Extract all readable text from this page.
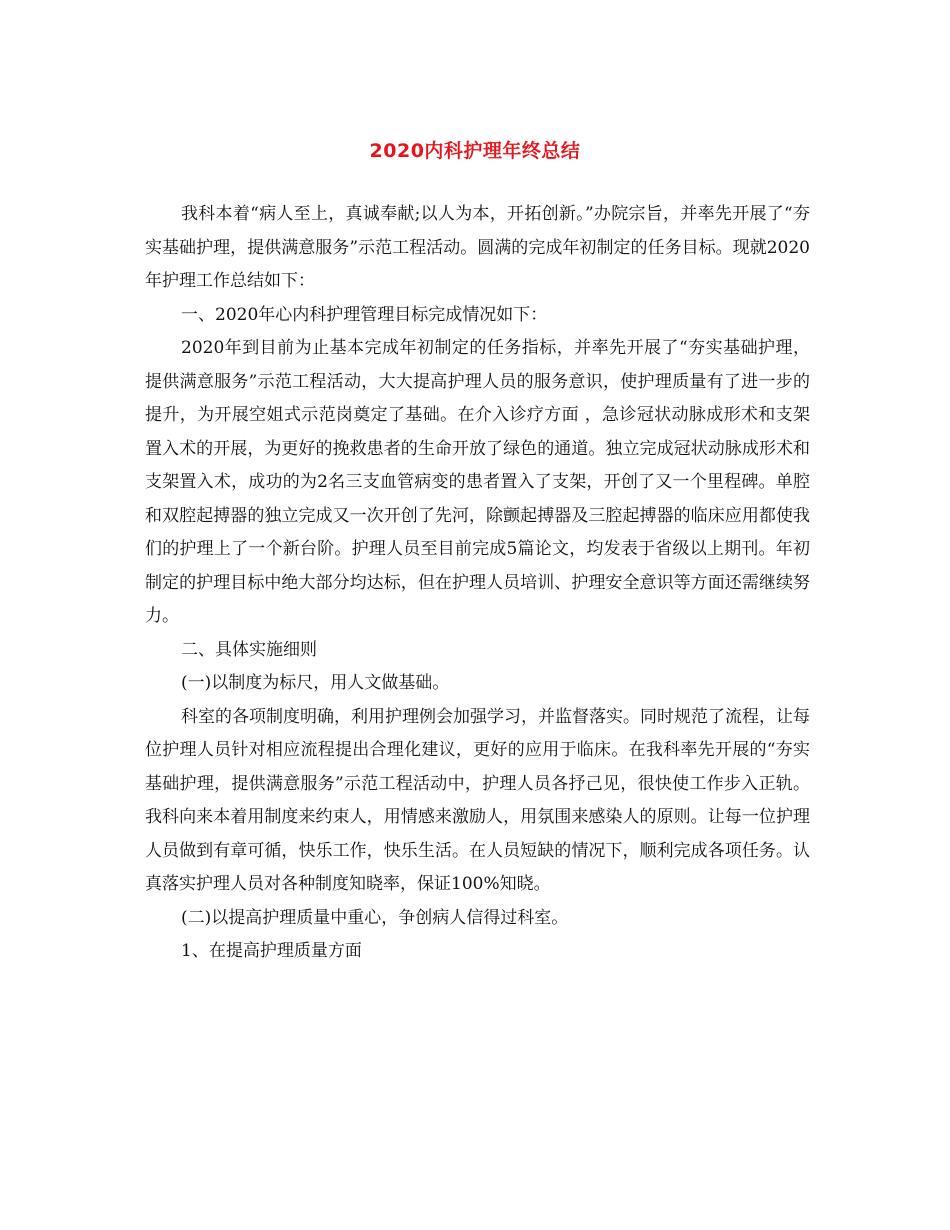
2020内科护理年终总结

我科本着“病人至上，真诚奉献;以人为本，开拓创新。”办院宗旨，并率先开展了“夯实基础护理，提供满意服务”示范工程活动。圆满的完成年初制定的任务目标。现就2020年护理工作总结如下：

一、2020年心内科护理管理目标完成情况如下：

2020年到目前为止基本完成年初制定的任务指标，并率先开展了“夯实基础护理，提供满意服务”示范工程活动，大大提高护理人员的服务意识，使护理质量有了进一步的提升，为开展空姐式示范岗奠定了基础。在介入诊疗方面 ，急诊冠状动脉成形术和支架置入术的开展，为更好的挽救患者的生命开放了绿色的通道。独立完成冠状动脉成形术和支架置入术，成功的为2名三支血管病变的患者置入了支架，开创了又一个里程碑。单腔和双腔起搏器的独立完成又一次开创了先河，除颤起搏器及三腔起搏器的临床应用都使我们的护理上了一个新台阶。护理人员至目前完成5篇论文，均发表于省级以上期刊。年初制定的护理目标中绝大部分均达标，但在护理人员培训、护理安全意识等方面还需继续努力。

二、具体实施细则

(一)以制度为标尺，用人文做基础。

科室的各项制度明确，利用护理例会加强学习，并监督落实。同时规范了流程，让每位护理人员针对相应流程提出合理化建议，更好的应用于临床。在我科率先开展的“夯实基础护理，提供满意服务”示范工程活动中，护理人员各抒己见，很快使工作步入正轨。我科向来本着用制度来约束人，用情感来激励人，用氛围来感染人的原则。让每一位护理人员做到有章可循，快乐工作，快乐生活。在人员短缺的情况下，顺利完成各项任务。认真落实护理人员对各种制度知晓率，保证100%知晓。

(二)以提高护理质量中重心，争创病人信得过科室。

1、在提高护理质量方面
